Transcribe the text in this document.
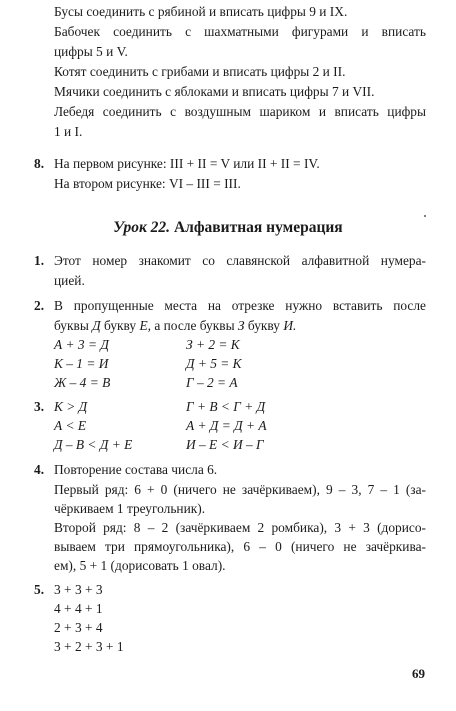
Бусы соединить с рябиной и вписать цифры 9 и IX.
Бабочек соединить с шахматными фигурами и вписать
цифры 5 и V.
Котят соединить с грибами и вписать цифры 2 и II.
Мячики соединить с яблоками и вписать цифры 7 и VII.
Лебедя соединить с воздушным шариком и вписать цифры
1 и I.
8. На первом рисунке: III + II = V или II + II = IV.
На втором рисунке: VI – III = III.
Урок 22. Алфавитная нумерация
1. Этот номер знакомит со славянской алфавитной нумера-
цией.
2. В пропущенные места на отрезке нужно вставить после
буквы Д букву Е, а после буквы З букву И.
А + 3 = Д	З + 2 = К
К – 1 = И	Д + 5 = К
Ж – 4 = В	Г – 2 = А
3. К > Д	Г + В < Г + Д
А < Е	А + Д = Д + А
Д – В < Д + Е	И – Е < И – Г
4. Повторение состава числа 6.
Первый ряд: 6 + 0 (ничего не зачёркиваем), 9 – 3, 7 – 1 (за-
чёркиваем 1 треугольник).
Второй ряд: 8 – 2 (зачёркиваем 2 ромбика), 3 + 3 (дорисо-
вываем три прямоугольника), 6 – 0 (ничего не зачёркива-
ем), 5 + 1 (дорисовать 1 овал).
5. 3 + 3 + 3
4 + 4 + 1
2 + 3 + 4
3 + 2 + 3 + 1
69
